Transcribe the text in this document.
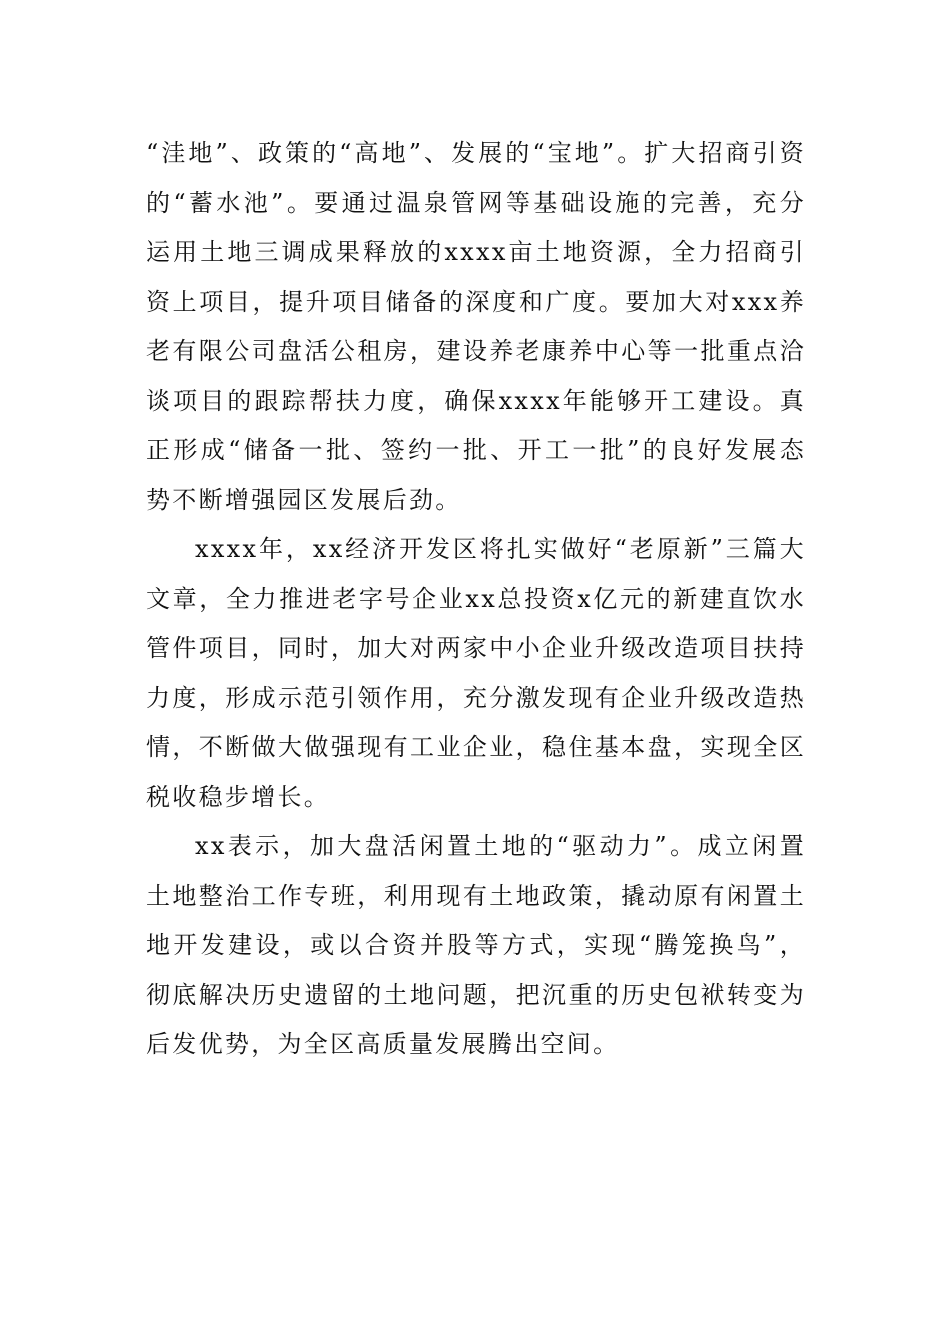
“洼地”、政策的“高地”、发展的“宝地”。扩大招商引资的“蓄水池”。要通过温泉管网等基础设施的完善，充分运用土地三调成果释放的xxxx亩土地资源，全力招商引资上项目，提升项目储备的深度和广度。要加大对xxx养老有限公司盘活公租房，建设养老康养中心等一批重点洽谈项目的跟踪帮扶力度，确保xxxx年能够开工建设。真正形成“储备一批、签约一批、开工一批”的良好发展态势不断增强园区发展后劲。

xxxx年，xx经济开发区将扎实做好“老原新”三篇大文章，全力推进老字号企业xx总投资x亿元的新建直饮水管件项目，同时，加大对两家中小企业升级改造项目扶持力度，形成示范引领作用，充分激发现有企业升级改造热情，不断做大做强现有工业企业，稳住基本盘，实现全区税收稳步增长。

xx表示，加大盘活闲置土地的“驱动力”。成立闲置土地整治工作专班，利用现有土地政策，撬动原有闲置土地开发建设，或以合资并股等方式，实现“腾笼换鸟”，彻底解决历史遗留的土地问题，把沉重的历史包袱转变为后发优势，为全区高质量发展腾出空间。
